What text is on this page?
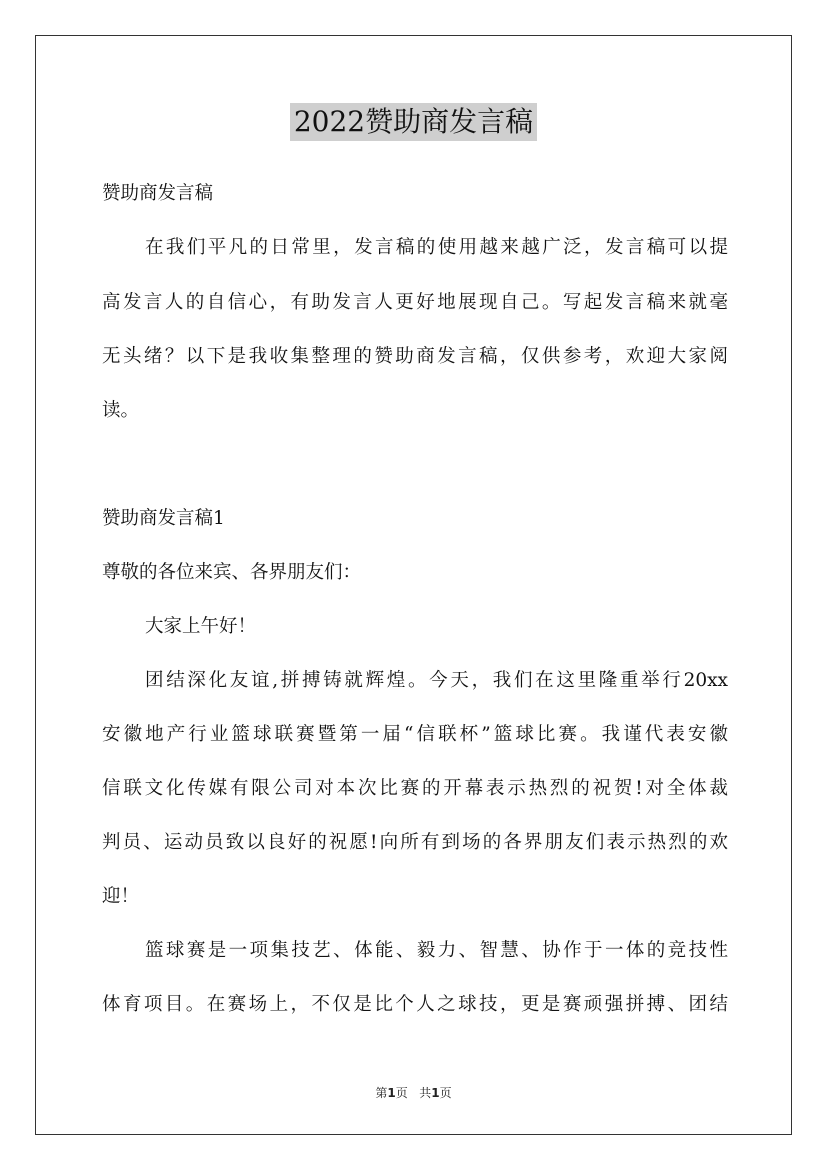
2022赞助商发言稿
赞助商发言稿
在我们平凡的日常里，发言稿的使用越来越广泛，发言稿可以提
高发言人的自信心，有助发言人更好地展现自己。写起发言稿来就毫
无头绪？以下是我收集整理的赞助商发言稿，仅供参考，欢迎大家阅
读。
赞助商发言稿1
尊敬的各位来宾、各界朋友们：
大家上午好！
团结深化友谊,拼搏铸就辉煌。今天，我们在这里隆重举行20xx
安徽地产行业篮球联赛暨第一届“信联杯”篮球比赛。我谨代表安徽
信联文化传媒有限公司对本次比赛的开幕表示热烈的祝贺!对全体裁
判员、运动员致以良好的祝愿!向所有到场的各界朋友们表示热烈的欢
迎！
篮球赛是一项集技艺、体能、毅力、智慧、协作于一体的竞技性
体育项目。在赛场上，不仅是比个人之球技，更是赛顽强拼搏、团结
第1页 共1页
